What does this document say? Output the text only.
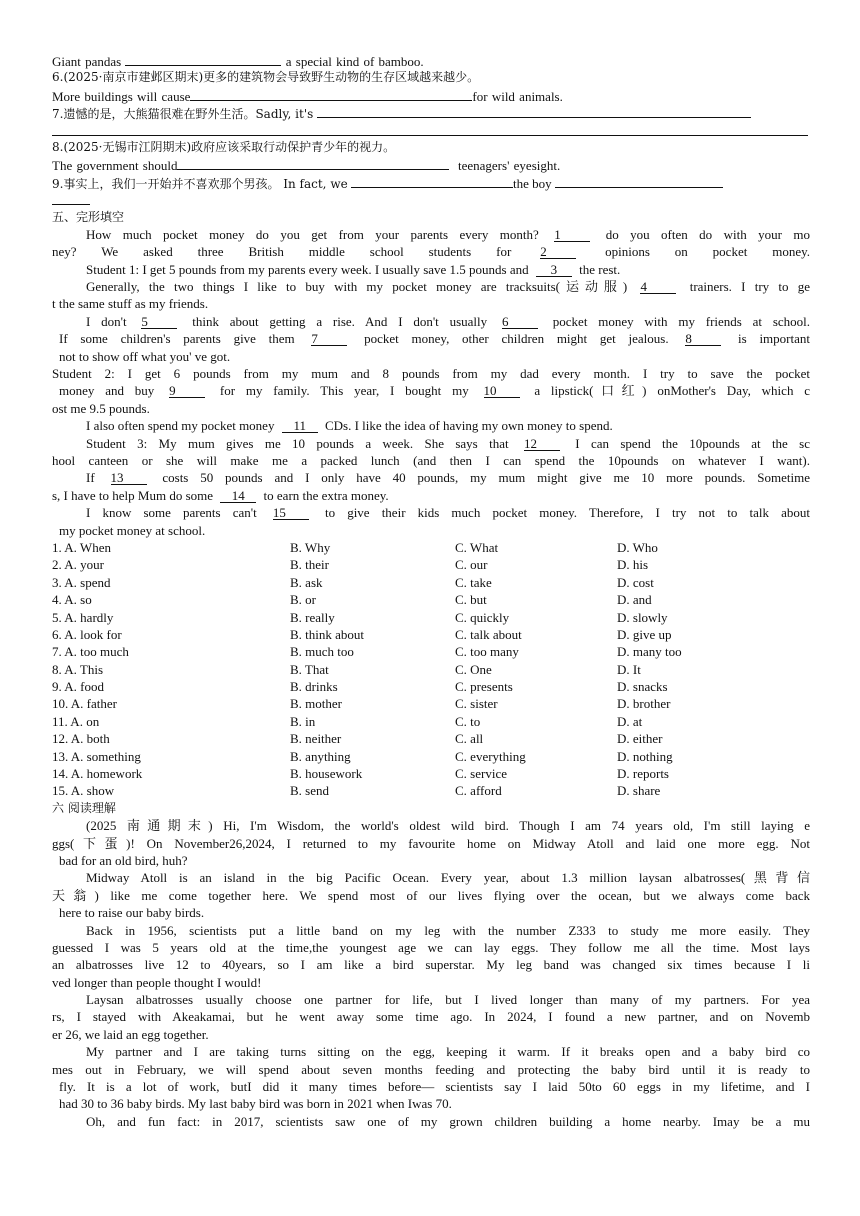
Giant pandas	a special kind of bamboo.
6.(2025·南京市建邺区期末)更多的建筑物会导致野生动物的生存区域越来越少。
More buildings will cause	for wild animals.
7.遗憾的是，大熊猫很难在野外生活。Sadly, it's
8.(2025·无锡市江阴期末)政府应该采取行动保护青少年的视力。
The government should	teenagers' eyesight.
9.事实上，我们一开始并不喜欢那个男孩。 In fact, we	the boy
五、完形填空
How much pocket money do you get from your parents every month? 1	do you often do with your mo
ney? We asked three British middle school students for 2	opinions on pocket money.
Student 1: I get 5 pounds from my parents every week. I usually save 1.5 pounds and 3 the rest.
Generally, the two things I like to buy with my pocket money are tracksuits(运动服) 4	trainers. I try to ge
t the same stuff as my friends.
I don't 5	think about getting a rise. And I don't usually 6	pocket money with my friends at school.
If some children's parents give them 7	pocket money, other children might get jealous. 8	is important
not to show off what you' ve got.
Student 2: I get 6 pounds from my mum and 8 pounds from my dad every month. I try to save the pocket
money and buy 9	for my family. This year, I bought my 10	a lipstick(口红) onMother's Day, which c
ost me 9.5 pounds.
I also often spend my pocket money 11 CDs. I like the idea of having my own money to spend.
Student 3: My mum gives me 10 pounds a week. She says that 12	I can spend the 10pounds at the sc
hool canteen or she will make me a packed lunch (and then I can spend the 10pounds on whatever I want).
If 13	costs 50 pounds and I only have 40 pounds, my mum might give me 10 more pounds. Sometime
s, I have to help Mum do some 14 to earn the extra money.
I know some parents can't 15	to give their kids much pocket money. Therefore, I try not to talk about
my pocket money at school.
1. A. When	B. Why	C. What	D. Who
2. A. your	B. their	C. our	D. his
3. A. spend	B. ask	C. take	D. cost
4. A. so	B. or	C. but	D. and
5. A. hardly	B. really	C. quickly	D. slowly
6. A. look for	B. think about	C. talk about	D. give up
7. A. too much	B. much too	C. too many	D. many too
8. A. This	B. That	C. One	D. It
9. A. food	B. drinks	C. presents	D. snacks
10. A. father	B. mother	C. sister	D. brother
11. A. on	B. in	C. to	D. at
12. A. both	B. neither	C. all	D. either
13. A. something	B. anything	C. everything	D. nothing
14. A. homework	B. housework	C. service	D. reports
15. A. show	B. send	C. afford	D. share
六 阅读理解
(2025 南通期末) Hi, I'm Wisdom, the world's oldest wild bird. Though I am 74 years old, I'm still laying e
ggs(下蛋)! On November26,2024, I returned to my favourite home on Midway Atoll and laid one more egg. Not
bad for an old bird, huh?
Midway Atoll is an island in the big Pacific Ocean. Every year, about 1.3 million laysan albatrosses(黑背信
天翁) like me come together here. We spend most of our lives flying over the ocean, but we always come back
here to raise our baby birds.
Back in 1956, scientists put a little band on my leg with the number Z333 to study me more easily. They
guessed I was 5 years old at the time,the youngest age we can lay eggs. They follow me all the time. Most lays
an albatrosses live 12 to 40years, so I am like a bird superstar. My leg band was changed six times because I li
ved longer than people thought I would!
Laysan albatrosses usually choose one partner for life, but I lived longer than many of my partners. For yea
rs, I stayed with Akeakamai, but he went away some time ago. In 2024, I found a new partner, and on Novemb
er 26, we laid an egg together.
My partner and I are taking turns sitting on the egg, keeping it warm. If it breaks open and a baby bird co
mes out in February, we will spend about seven months feeding and protecting the baby bird until it is ready to
fly. It is a lot of work, butI did it many times before— scientists say I laid 50to 60 eggs in my lifetime, and I
had 30 to 36 baby birds. My last baby bird was born in 2021 when Iwas 70.
Oh, and fun fact: in 2017, scientists saw one of my grown children building a home nearby. Imay be a mu
